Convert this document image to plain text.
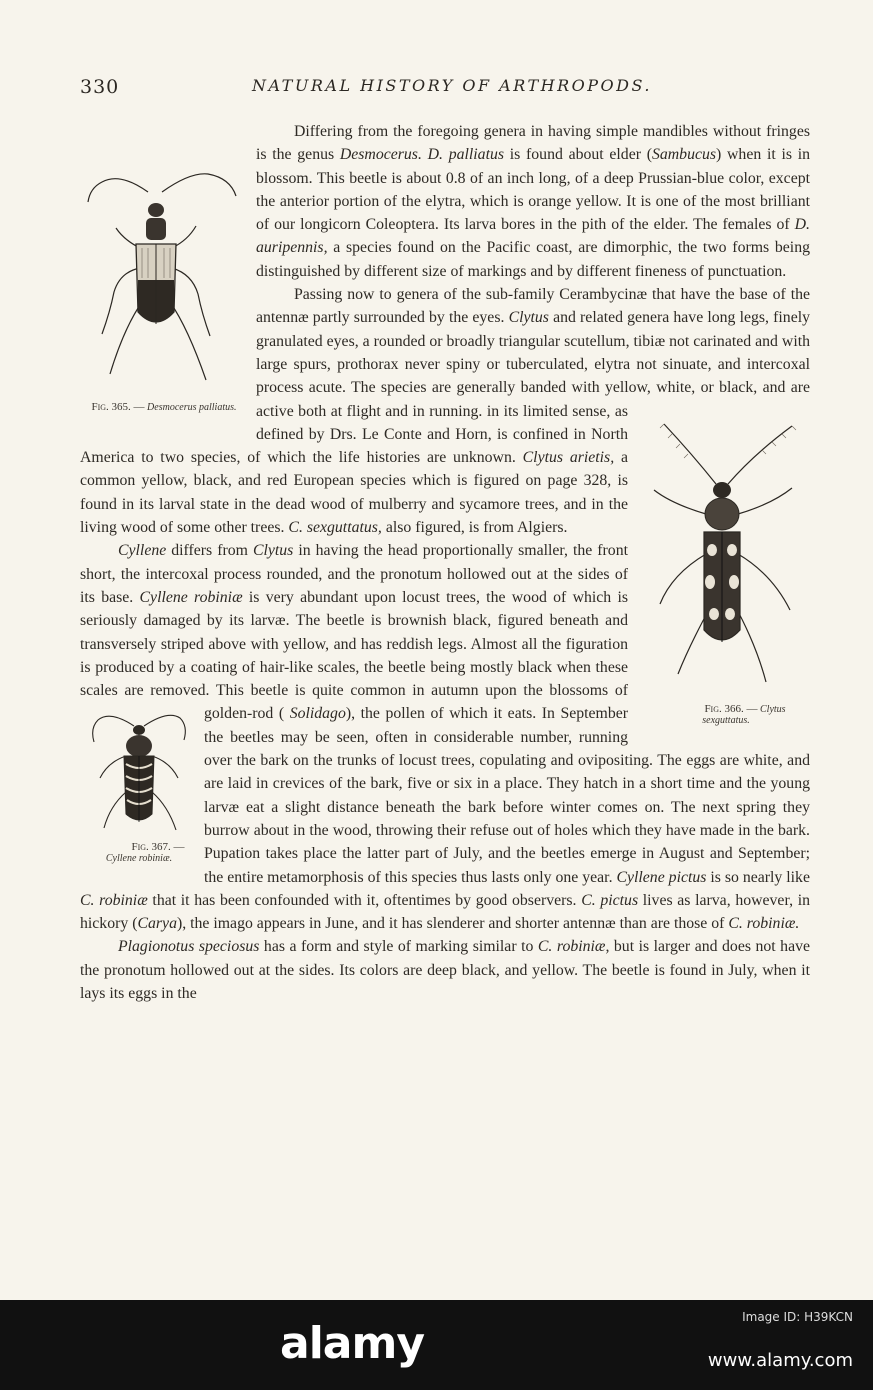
330	NATURAL HISTORY OF ARTHROPODS.
Fig. 365. — Desmocerus palliatus.

Differing from the foregoing genera in having simple mandibles without fringes is the genus Desmocerus. D. palliatus is found about elder (Sambucus) when it is in blossom. This beetle is about 0.8 of an inch long, of a deep Prussian-blue color, except the anterior portion of the elytra, which is orange yellow. It is one of the most brilliant of our longicorn Coleoptera. Its larva bores in the pith of the elder. The females of D. auripennis, a species found on the Pacific coast, are dimorphic, the two forms being distinguished by different size of markings and by different fineness of punctuation.

Passing now to genera of the sub-family Cerambycinæ that have the base of the antennæ partly surrounded by the eyes. Clytus and related genera have long legs, finely granulated eyes, a rounded or broadly triangular scutellum, tibiæ not carinated and with large spurs, prothorax never spiny or tuberculated, elytra not sinuate, and intercoxal process acute. The species are generally banded with yellow, white, or black, and are active both at flight and in running.
Fig. 366. — Clytus sexguttatus.
in its limited sense, as defined by Drs. Le Conte and Horn, is confined in North America to two species, of which the life histories are unknown. Clytus arietis, a common yellow, black, and red European species which is figured on page 328, is found in its larval state in the dead wood of mulberry and sycamore trees, and in the living wood of some other trees. C. sexguttatus, also figured, is from Algiers.

Cyllene differs from Clytus in having the head proportionally smaller, the front short, the intercoxal process rounded, and the pronotum hollowed out at the sides of its base. Cyllene robiniæ is very abundant upon locust trees, the wood of which is seriously damaged by its larvæ. The beetle is brownish black, figured beneath and transversely striped above with yellow, and has reddish legs. Almost all the figuration is produced by a coating of hair-like scales, the beetle being mostly black when these scales are removed. This beetle is quite common in autumn upon the blossoms of golden-rod (
Fig. 367. — Cyllene robiniæ.
Solidago), the pollen of which it eats. In September the beetles may be seen, often in considerable number, running over the bark on the trunks of locust trees, copulating and ovipositing. The eggs are white, and are laid in crevices of the bark, five or six in a place. They hatch in a short time and the young larvæ eat a slight distance beneath the bark before winter comes on. The next spring they burrow about in the wood, throwing their refuse out of holes which they have made in the bark. Pupation takes place the latter part of July, and the beetles emerge in August and September; the entire metamorphosis of this species thus lasts only one year. Cyllene pictus is so nearly like C. robiniæ that it has been confounded with it, oftentimes by good observers. C. pictus lives as larva, however, in hickory (Carya), the imago appears in June, and it has slenderer and shorter antennæ than are those of C. robiniæ.

Plagionotus speciosus has a form and style of marking similar to C. robiniæ, but is larger and does not have the pronotum hollowed out at the sides. Its colors are deep black, and yellow. The beetle is found in July, when it lays its eggs in the

alamy
Image ID: H39KCN
www.alamy.com
